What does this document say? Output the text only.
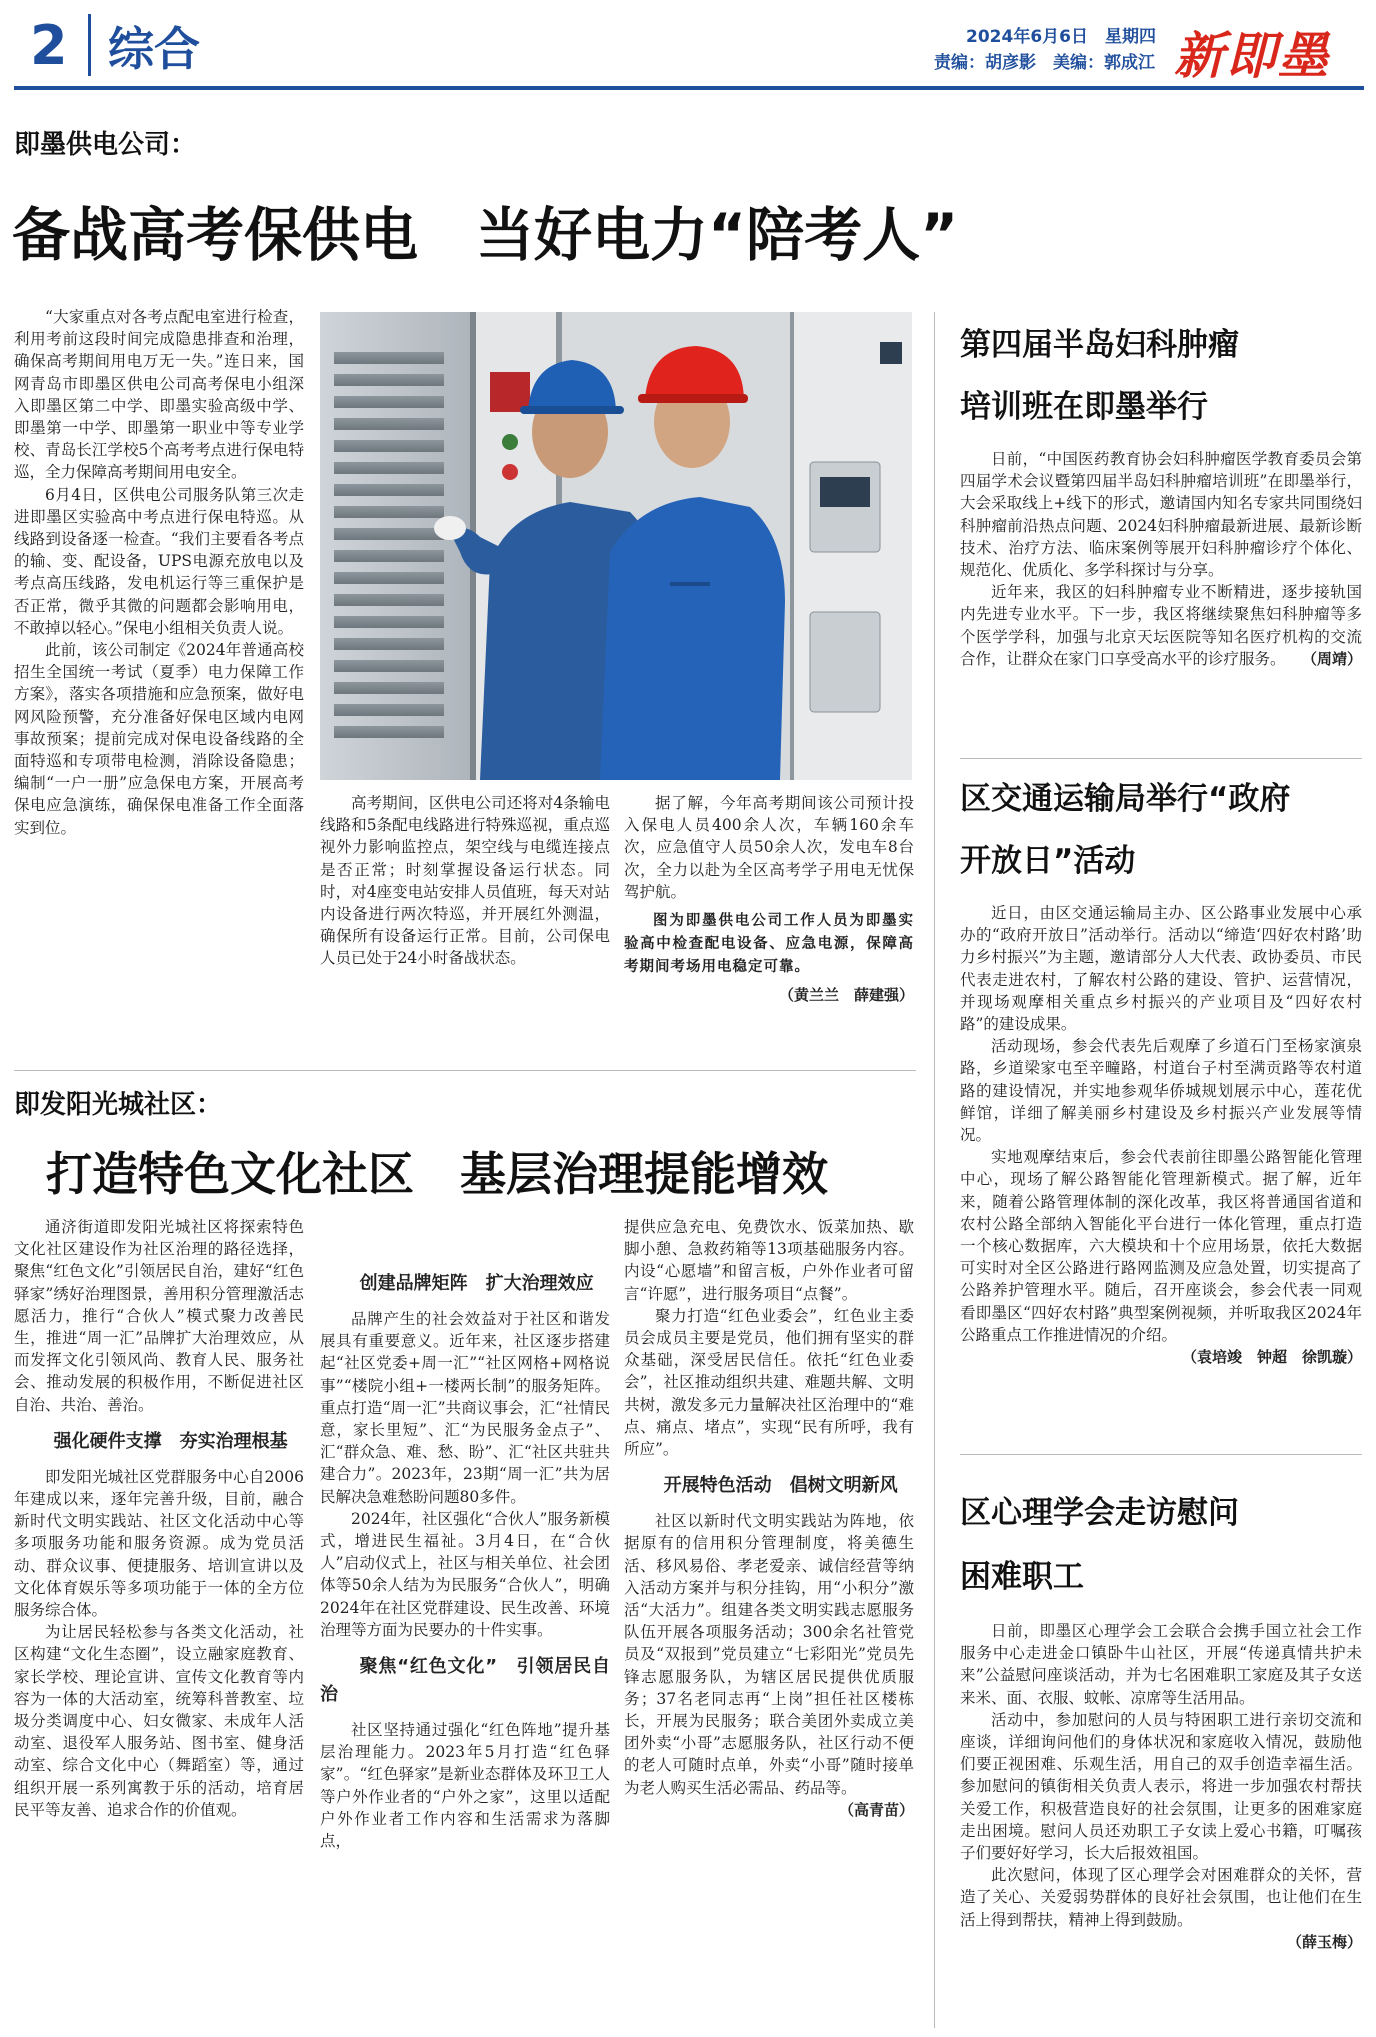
2 综合	2024年6月6日　星期四
责编：胡彦影　美编：郭成江 新即墨
即墨供电公司：
备战高考保供电　当好电力“陪考人”

“大家重点对各考点配电室进行检查，利用考前这段时间完成隐患排查和治理，确保高考期间用电万无一失。”连日来，国网青岛市即墨区供电公司高考保电小组深入即墨区第二中学、即墨实验高级中学、即墨第一中学、即墨第一职业中等专业学校、青岛长江学校5个高考考点进行保电特巡，全力保障高考期间用电安全。

6月4日，区供电公司服务队第三次走进即墨区实验高中考点进行保电特巡。从线路到设备逐一检查。“我们主要看各考点的输、变、配设备，UPS电源充放电以及考点高压线路，发电机运行等三重保护是否正常，微乎其微的问题都会影响用电，不敢掉以轻心。”保电小组相关负责人说。

此前，该公司制定《2024年普通高校招生全国统一考试（夏季）电力保障工作方案》，落实各项措施和应急预案，做好电网风险预警，充分准备好保电区域内电网事故预案；提前完成对保电设备线路的全面特巡和专项带电检测，消除设备隐患；编制“一户一册”应急保电方案，开展高考保电应急演练，确保保电准备工作全面落实到位。

高考期间，区供电公司还将对4条输电线路和5条配电线路进行特殊巡视，重点巡视外力影响监控点，架空线与电缆连接点是否正常；时刻掌握设备运行状态。同时，对4座变电站安排人员值班，每天对站内设备进行两次特巡，并开展红外测温，确保所有设备运行正常。目前，公司保电人员已处于24小时备战状态。

据了解，今年高考期间该公司预计投入保电人员400余人次，车辆160余车次，应急值守人员50余人次，发电车8台次，全力以赴为全区高考学子用电无忧保驾护航。

图为即墨供电公司工作人员为即墨实验高中检查配电设备、应急电源，保障高考期间考场用电稳定可靠。

（黄兰兰　薛建强）

即发阳光城社区：
打造特色文化社区　基层治理提能增效

通济街道即发阳光城社区将探索特色文化社区建设作为社区治理的路径选择，聚焦“红色文化”引领居民自治，建好“红色驿家”绣好治理图景，善用积分管理激活志愿活力，推行“合伙人”模式聚力改善民生，推进“周一汇”品牌扩大治理效应，从而发挥文化引领风尚、教育人民、服务社会、推动发展的积极作用，不断促进社区自治、共治、善治。

强化硬件支撑　夯实治理根基

即发阳光城社区党群服务中心自2006年建成以来，逐年完善升级，目前，融合新时代文明实践站、社区文化活动中心等多项服务功能和服务资源。成为党员活动、群众议事、便捷服务、培训宣讲以及文化体育娱乐等多项功能于一体的全方位服务综合体。

为让居民轻松参与各类文化活动，社区构建“文化生态圈”，设立融家庭教育、家长学校、理论宣讲、宣传文化教育等内容为一体的大活动室，统筹科普教室、垃圾分类调度中心、妇女微家、未成年人活动室、退役军人服务站、图书室、健身活动室、综合文化中心（舞蹈室）等，通过组织开展一系列寓教于乐的活动，培育居民平等友善、追求合作的价值观。

创建品牌矩阵　扩大治理效应

品牌产生的社会效益对于社区和谐发展具有重要意义。近年来，社区逐步搭建起“社区党委+周一汇”“社区网格+网格说事”“楼院小组+一楼两长制”的服务矩阵。重点打造“周一汇”共商议事会，汇“社情民意，家长里短”、汇“为民服务金点子”、汇“群众急、难、愁、盼”、汇“社区共驻共建合力”。2023年，23期“周一汇”共为居民解决急难愁盼问题80多件。

2024年，社区强化“合伙人”服务新模式，增进民生福祉。3月4日，在“合伙人”启动仪式上，社区与相关单位、社会团体等50余人结为为民服务“合伙人”，明确2024年在社区党群建设、民生改善、环境治理等方面为民要办的十件实事。

聚焦“红色文化”　引领居民自治

社区坚持通过强化“红色阵地”提升基层治理能力。2023年5月打造“红色驿家”。“红色驿家”是新业态群体及环卫工人等户外作业者的“户外之家”，这里以适配户外作业者工作内容和生活需求为落脚点，

提供应急充电、免费饮水、饭菜加热、歇脚小憩、急救药箱等13项基础服务内容。内设“心愿墙”和留言板，户外作业者可留言“许愿”，进行服务项目“点餐”。

聚力打造“红色业委会”，红色业主委员会成员主要是党员，他们拥有坚实的群众基础，深受居民信任。依托“红色业委会”，社区推动组织共建、难题共解、文明共树，激发多元力量解决社区治理中的“难点、痛点、堵点”，实现“民有所呼，我有所应”。

开展特色活动　倡树文明新风

社区以新时代文明实践站为阵地，依据原有的信用积分管理制度，将美德生活、移风易俗、孝老爱亲、诚信经营等纳入活动方案并与积分挂钩，用“小积分”激活“大活力”。组建各类文明实践志愿服务队伍开展各项服务活动；300余名社管党员及“双报到”党员建立“七彩阳光”党员先锋志愿服务队，为辖区居民提供优质服务；37名老同志再“上岗”担任社区楼栋长，开展为民服务；联合美团外卖成立美团外卖“小哥”志愿服务队，社区行动不便的老人可随时点单，外卖“小哥”随时接单为老人购买生活必需品、药品等。

（高青苗）

第四届半岛妇科肿瘤
培训班在即墨举行

日前，“中国医药教育协会妇科肿瘤医学教育委员会第四届学术会议暨第四届半岛妇科肿瘤培训班”在即墨举行，大会采取线上+线下的形式，邀请国内知名专家共同围绕妇科肿瘤前沿热点问题、2024妇科肿瘤最新进展、最新诊断技术、治疗方法、临床案例等展开妇科肿瘤诊疗个体化、规范化、优质化、多学科探讨与分享。

近年来，我区的妇科肿瘤专业不断精进，逐步接轨国内先进专业水平。下一步，我区将继续聚焦妇科肿瘤等多个医学学科，加强与北京天坛医院等知名医疗机构的交流合作，让群众在家门口享受高水平的诊疗服务。	（周靖）

区交通运输局举行“政府
开放日”活动

近日，由区交通运输局主办、区公路事业发展中心承办的“政府开放日”活动举行。活动以“缔造‘四好农村路’助力乡村振兴”为主题，邀请部分人大代表、政协委员、市民代表走进农村，了解农村公路的建设、管护、运营情况，并现场观摩相关重点乡村振兴的产业项目及“四好农村路”的建设成果。

活动现场，参会代表先后观摩了乡道石门至杨家演泉路，乡道梁家屯至辛疃路，村道台子村至满贡路等农村道路的建设情况，并实地参观华侨城规划展示中心，莲花优鲜馆，详细了解美丽乡村建设及乡村振兴产业发展等情况。

实地观摩结束后，参会代表前往即墨公路智能化管理中心，现场了解公路智能化管理新模式。据了解，近年来，随着公路管理体制的深化改革，我区将普通国省道和农村公路全部纳入智能化平台进行一体化管理，重点打造一个核心数据库，六大模块和十个应用场景，依托大数据可实时对全区公路进行路网监测及应急处置，切实提高了公路养护管理水平。随后，召开座谈会，参会代表一同观看即墨区“四好农村路”典型案例视频，并听取我区2024年公路重点工作推进情况的介绍。

（袁培竣　钟超　徐凯璇）

区心理学会走访慰问
困难职工

日前，即墨区心理学会工会联合会携手国立社会工作服务中心走进金口镇卧牛山社区，开展“传递真情共护未来”公益慰问座谈活动，并为七名困难职工家庭及其子女送来米、面、衣服、蚊帐、凉席等生活用品。

活动中，参加慰问的人员与特困职工进行亲切交流和座谈，详细询问他们的身体状况和家庭收入情况，鼓励他们要正视困难、乐观生活，用自己的双手创造幸福生活。参加慰问的镇街相关负责人表示，将进一步加强农村帮扶关爱工作，积极营造良好的社会氛围，让更多的困难家庭走出困境。慰问人员还劝职工子女读上爱心书籍，叮嘱孩子们要好好学习，长大后报效祖国。

此次慰问，体现了区心理学会对困难群众的关怀，营造了关心、关爱弱势群体的良好社会氛围，也让他们在生活上得到帮扶，精神上得到鼓励。

（薛玉梅）
